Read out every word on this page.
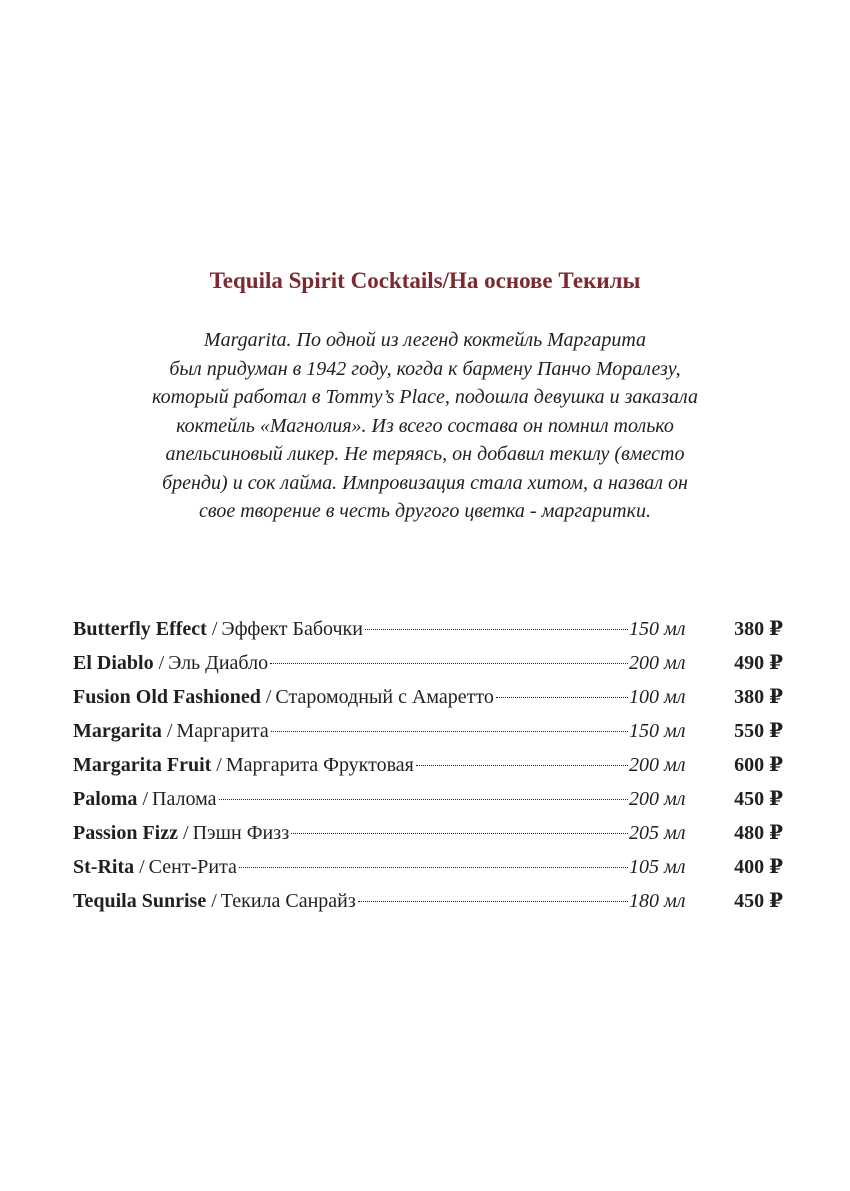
Tequila Spirit Cocktails/На основе Текилы
Margarita. По одной из легенд коктейль Маргарита
был придуман в 1942 году, когда к бармену Панчо Моралезу,
который работал в Tommy’s Place, подошла девушка и заказала
коктейль «Магнолия». Из всего состава он помнил только
апельсиновый ликер. Не теряясь, он добавил текилу (вместо
бренди) и сок лайма. Импровизация стала хитом, а назвал он
свое творение в честь другого цветка - маргаритки.
Butterfly Effect / Эффект Бабочки	150 мл	380 ₽
El Diablo / Эль Диабло	200 мл	490 ₽
Fusion Old Fashioned / Старомодный с Амаретто	100 мл	380 ₽
Margarita / Маргарита	150 мл	550 ₽
Margarita Fruit / Маргарита Фруктовая	200 мл	600 ₽
Paloma / Палома	200 мл	450 ₽
Passion Fizz / Пэшн Физз	205 мл	480 ₽
St-Rita / Сент-Рита	105 мл	400 ₽
Tequila Sunrise / Текила Санрайз	180 мл	450 ₽
